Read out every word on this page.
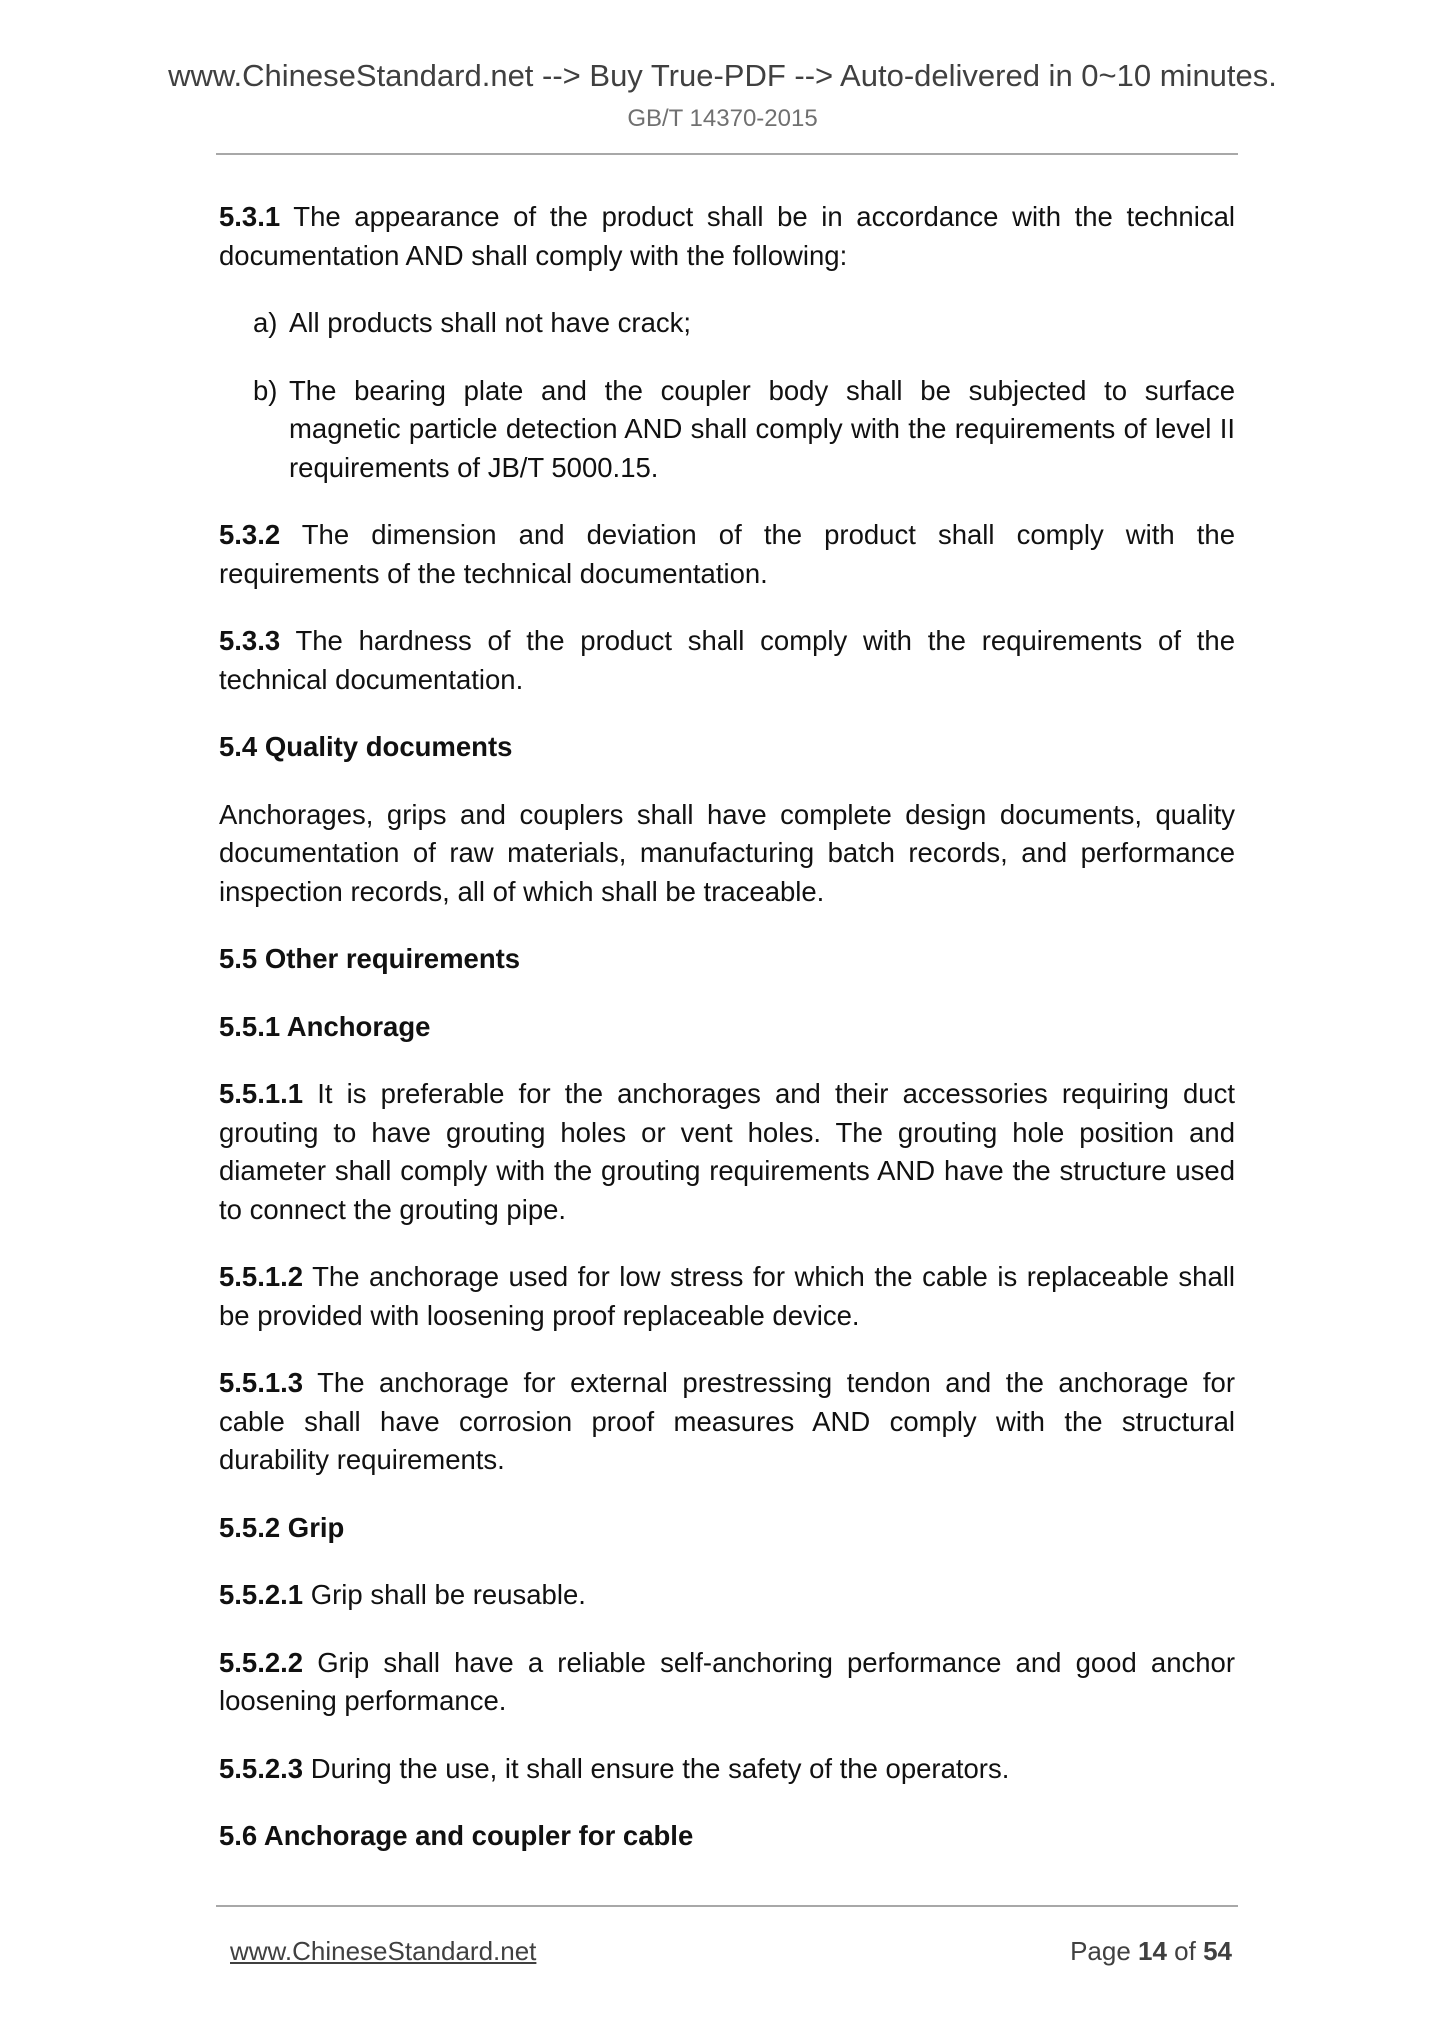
www.ChineseStandard.net --> Buy True-PDF --> Auto-delivered in 0~10 minutes.
GB/T 14370-2015

5.3.1 The appearance of the product shall be in accordance with the technical documentation AND shall comply with the following:

a) All products shall not have crack;

b) The bearing plate and the coupler body shall be subjected to surface magnetic particle detection AND shall comply with the requirements of level II requirements of JB/T 5000.15.

5.3.2 The dimension and deviation of the product shall comply with the requirements of the technical documentation.

5.3.3 The hardness of the product shall comply with the requirements of the technical documentation.

5.4 Quality documents

Anchorages, grips and couplers shall have complete design documents, quality documentation of raw materials, manufacturing batch records, and performance inspection records, all of which shall be traceable.

5.5 Other requirements

5.5.1 Anchorage

5.5.1.1 It is preferable for the anchorages and their accessories requiring duct grouting to have grouting holes or vent holes. The grouting hole position and diameter shall comply with the grouting requirements AND have the structure used to connect the grouting pipe.

5.5.1.2 The anchorage used for low stress for which the cable is replaceable shall be provided with loosening proof replaceable device.

5.5.1.3 The anchorage for external prestressing tendon and the anchorage for cable shall have corrosion proof measures AND comply with the structural durability requirements.

5.5.2 Grip

5.5.2.1 Grip shall be reusable.

5.5.2.2 Grip shall have a reliable self-anchoring performance and good anchor loosening performance.

5.5.2.3 During the use, it shall ensure the safety of the operators.

5.6 Anchorage and coupler for cable

www.ChineseStandard.net	Page 14 of 54
